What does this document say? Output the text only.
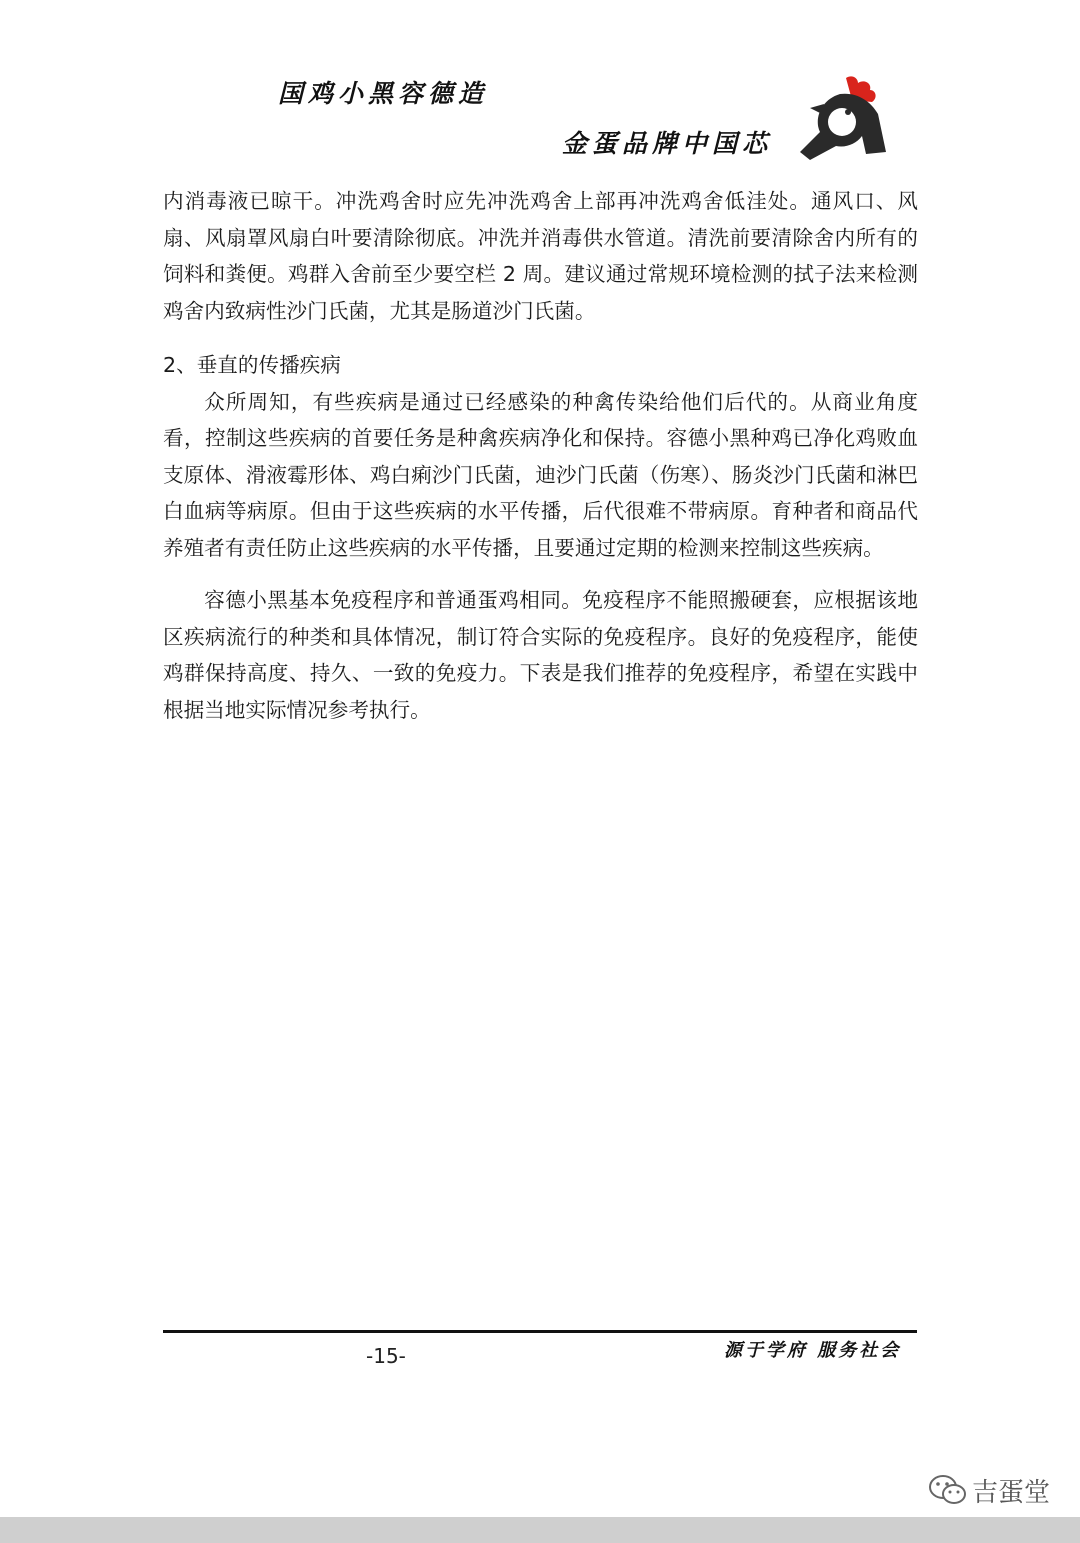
国鸡小黑容德造
金蛋品牌中国芯

内消毒液已晾干。冲洗鸡舍时应先冲洗鸡舍上部再冲洗鸡舍低洼处。通风口、风扇、风扇罩风扇白叶要清除彻底。冲洗并消毒供水管道。清洗前要清除舍内所有的饲料和粪便。鸡群入舍前至少要空栏 2 周。建议通过常规环境检测的拭子法来检测鸡舍内致病性沙门氏菌，尤其是肠道沙门氏菌。

2、垂直的传播疾病

众所周知，有些疾病是通过已经感染的种禽传染给他们后代的。从商业角度看，控制这些疾病的首要任务是种禽疾病净化和保持。容德小黑种鸡已净化鸡败血支原体、滑液霉形体、鸡白痢沙门氏菌，迪沙门氏菌（伤寒）、肠炎沙门氏菌和淋巴白血病等病原。但由于这些疾病的水平传播，后代很难不带病原。育种者和商品代养殖者有责任防止这些疾病的水平传播，且要通过定期的检测来控制这些疾病。

容德小黑基本免疫程序和普通蛋鸡相同。免疫程序不能照搬硬套，应根据该地区疾病流行的种类和具体情况，制订符合实际的免疫程序。良好的免疫程序，能使鸡群保持高度、持久、一致的免疫力。下表是我们推荐的免疫程序，希望在实践中根据当地实际情况参考执行。

-15-	源于学府 服务社会
吉蛋堂
